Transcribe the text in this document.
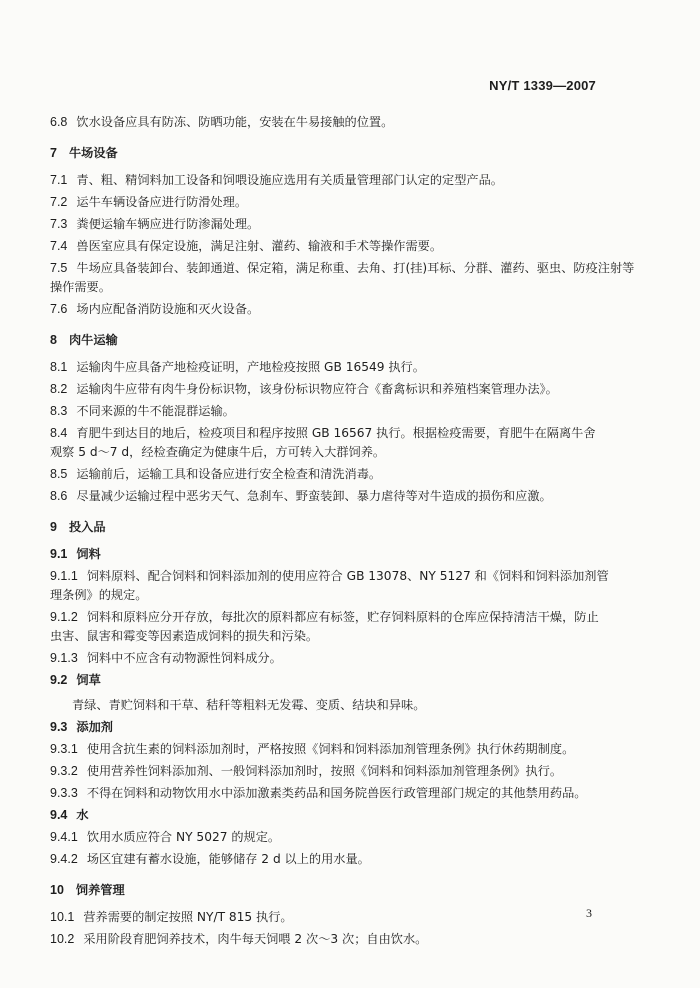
NY/T 1339—2007
6.8 饮水设备应具有防冻、防晒功能，安装在牛易接触的位置。
7 牛场设备
7.1 青、粗、精饲料加工设备和饲喂设施应选用有关质量管理部门认定的定型产品。
7.2 运牛车辆设备应进行防滑处理。
7.3 粪便运输车辆应进行防渗漏处理。
7.4 兽医室应具有保定设施，满足注射、灌药、输液和手术等操作需要。
7.5 牛场应具备装卸台、装卸通道、保定箱，满足称重、去角、打(挂)耳标、分群、灌药、驱虫、防疫注射等
操作需要。
7.6 场内应配备消防设施和灭火设备。
8 肉牛运输
8.1 运输肉牛应具备产地检疫证明，产地检疫按照 GB 16549 执行。
8.2 运输肉牛应带有肉牛身份标识物，该身份标识物应符合《畜禽标识和养殖档案管理办法》。
8.3 不同来源的牛不能混群运输。
8.4 育肥牛到达目的地后，检疫项目和程序按照 GB 16567 执行。根据检疫需要，育肥牛在隔离牛舍
观察 5 d～7 d，经检查确定为健康牛后，方可转入大群饲养。
8.5 运输前后，运输工具和设备应进行安全检查和清洗消毒。
8.6 尽量减少运输过程中恶劣天气、急刹车、野蛮装卸、暴力虐待等对牛造成的损伤和应激。
9 投入品
9.1 饲料
9.1.1 饲料原料、配合饲料和饲料添加剂的使用应符合 GB 13078、NY 5127 和《饲料和饲料添加剂管
理条例》的规定。
9.1.2 饲料和原料应分开存放，每批次的原料都应有标签，贮存饲料原料的仓库应保持清洁干燥，防止
虫害、鼠害和霉变等因素造成饲料的损失和污染。
9.1.3 饲料中不应含有动物源性饲料成分。
9.2 饲草
青绿、青贮饲料和干草、秸秆等粗料无发霉、变质、结块和异味。
9.3 添加剂
9.3.1 使用含抗生素的饲料添加剂时，严格按照《饲料和饲料添加剂管理条例》执行休药期制度。
9.3.2 使用营养性饲料添加剂、一般饲料添加剂时，按照《饲料和饲料添加剂管理条例》执行。
9.3.3 不得在饲料和动物饮用水中添加激素类药品和国务院兽医行政管理部门规定的其他禁用药品。
9.4 水
9.4.1 饮用水质应符合 NY 5027 的规定。
9.4.2 场区宜建有蓄水设施，能够储存 2 d 以上的用水量。
10 饲养管理
10.1 营养需要的制定按照 NY/T 815 执行。
10.2 采用阶段育肥饲养技术，肉牛每天饲喂 2 次～3 次；自由饮水。
3
